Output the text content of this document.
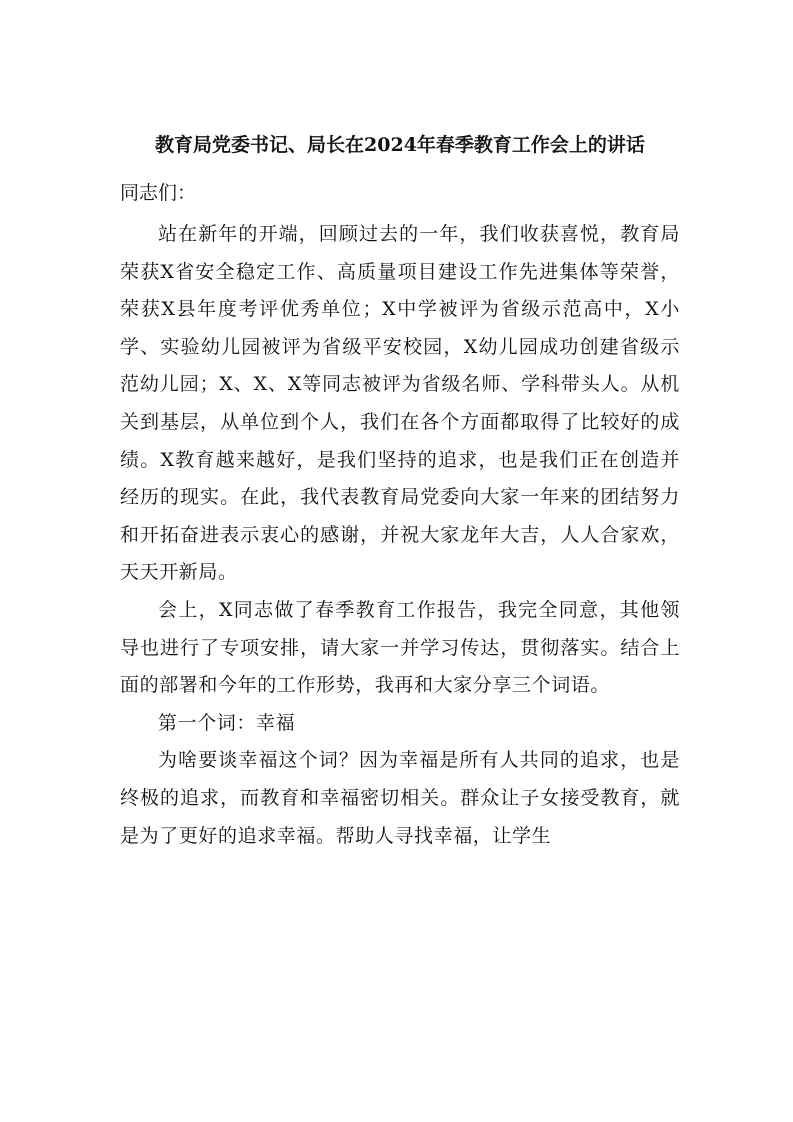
教育局党委书记、局长在2024年春季教育工作会上的讲话

同志们：

站在新年的开端，回顾过去的一年，我们收获喜悦，教育局荣获X省安全稳定工作、高质量项目建设工作先进集体等荣誉，荣获X县年度考评优秀单位；X中学被评为省级示范高中，X小学、实验幼儿园被评为省级平安校园，X幼儿园成功创建省级示范幼儿园；X、X、X等同志被评为省级名师、学科带头人。从机关到基层，从单位到个人，我们在各个方面都取得了比较好的成绩。X教育越来越好，是我们坚持的追求，也是我们正在创造并经历的现实。在此，我代表教育局党委向大家一年来的团结努力和开拓奋进表示衷心的感谢，并祝大家龙年大吉，人人合家欢，天天开新局。

会上，X同志做了春季教育工作报告，我完全同意，其他领导也进行了专项安排，请大家一并学习传达，贯彻落实。结合上面的部署和今年的工作形势，我再和大家分享三个词语。

第一个词：幸福

为啥要谈幸福这个词？因为幸福是所有人共同的追求，也是终极的追求，而教育和幸福密切相关。群众让子女接受教育，就是为了更好的追求幸福。帮助人寻找幸福，让学生
